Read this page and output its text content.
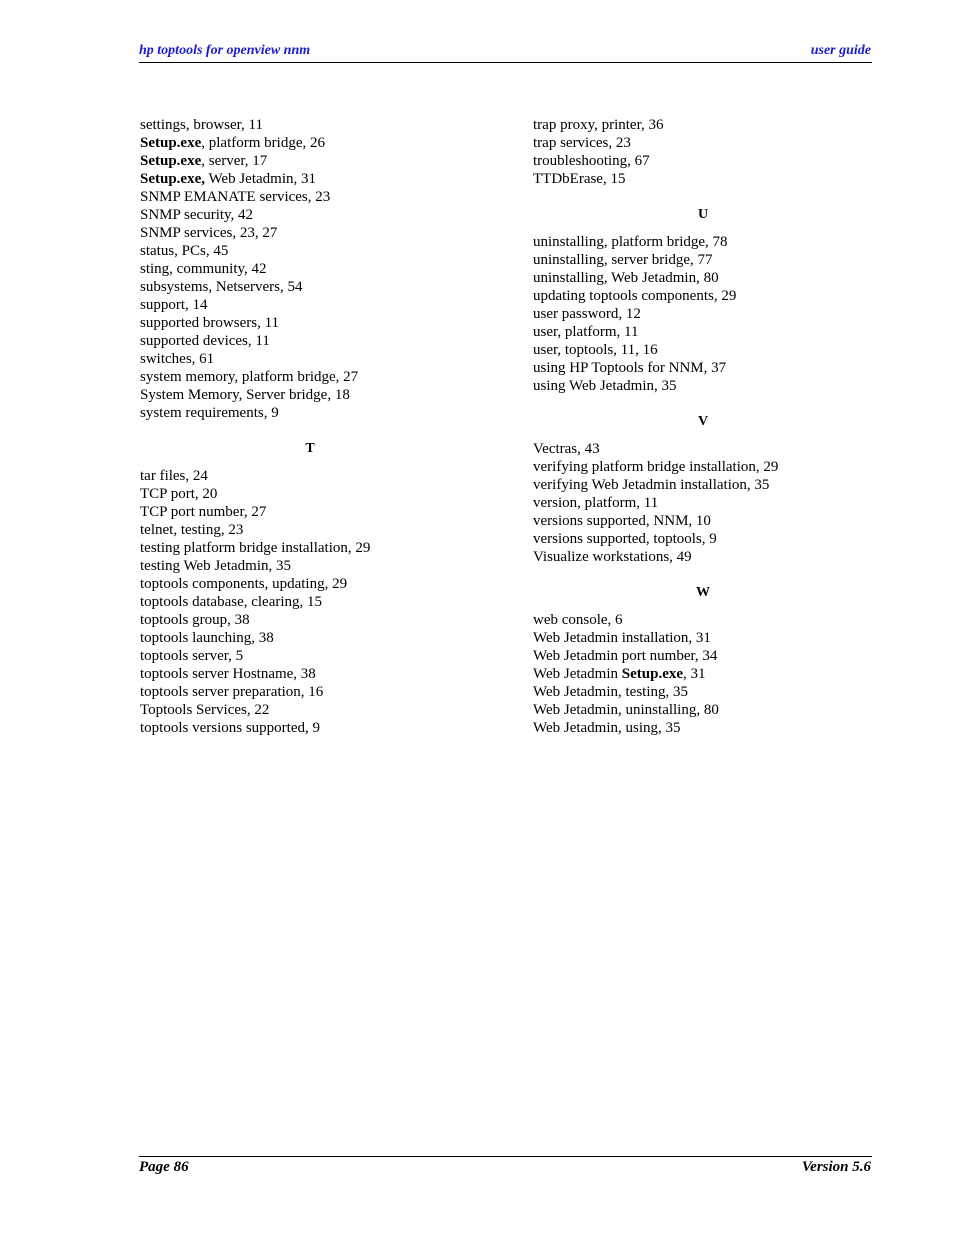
hp toptools for openview nnm	user guide
settings, browser, 11
Setup.exe, platform bridge, 26
Setup.exe, server, 17
Setup.exe, Web Jetadmin, 31
SNMP EMANATE services, 23
SNMP security, 42
SNMP services, 23, 27
status, PCs, 45
sting, community, 42
subsystems, Netservers, 54
support, 14
supported browsers, 11
supported devices, 11
switches, 61
system memory, platform bridge, 27
System Memory, Server bridge, 18
system requirements, 9
T
tar files, 24
TCP port, 20
TCP port number, 27
telnet, testing, 23
testing platform bridge installation, 29
testing Web Jetadmin, 35
toptools components, updating, 29
toptools database, clearing, 15
toptools group, 38
toptools launching, 38
toptools server, 5
toptools server Hostname, 38
toptools server preparation, 16
Toptools Services, 22
toptools versions supported, 9
trap proxy, printer, 36
trap services, 23
troubleshooting, 67
TTDbErase, 15
U
uninstalling, platform bridge, 78
uninstalling, server bridge, 77
uninstalling, Web Jetadmin, 80
updating toptools components, 29
user password, 12
user, platform, 11
user, toptools, 11, 16
using HP Toptools for NNM, 37
using Web Jetadmin, 35
V
Vectras, 43
verifying platform bridge installation, 29
verifying Web Jetadmin installation, 35
version, platform, 11
versions supported, NNM, 10
versions supported, toptools, 9
Visualize workstations, 49
W
web console, 6
Web Jetadmin installation, 31
Web Jetadmin port number, 34
Web Jetadmin Setup.exe, 31
Web Jetadmin, testing, 35
Web Jetadmin, uninstalling, 80
Web Jetadmin, using, 35
Page 86	Version 5.6
